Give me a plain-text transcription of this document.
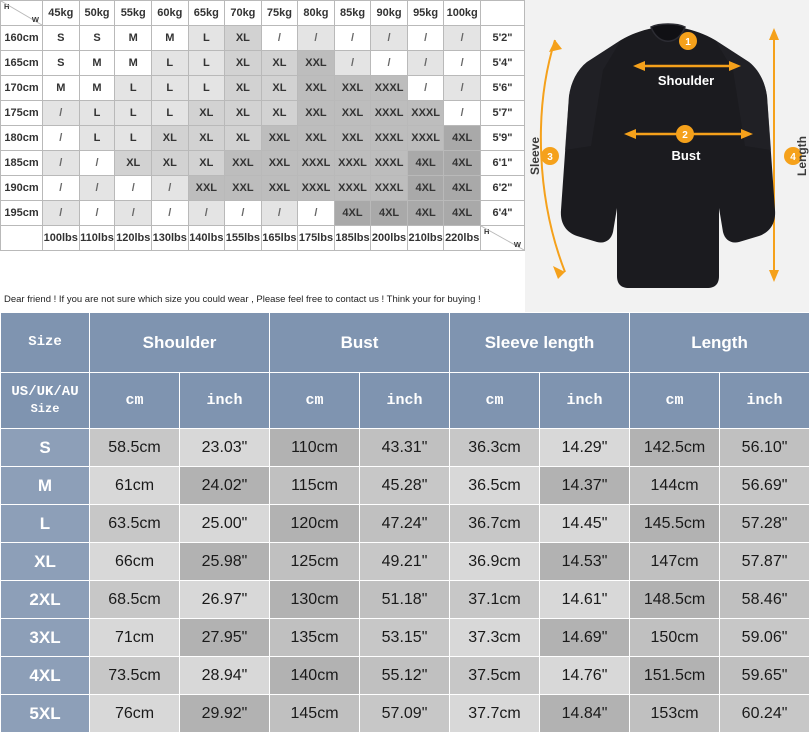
H
W	45kg	50kg	55kg	60kg	65kg	70kg	75kg	80kg	85kg	90kg	95kg	100kg	
160cm	S	S	M	M	L	XL	/	/	/	/	/	/	5'2"
165cm	S	M	M	L	L	XL	XL	XXL	/	/	/	/	5'4"
170cm	M	M	L	L	L	XL	XL	XXL	XXL	XXXL	/	/	5'6"
175cm	/	L	L	L	XL	XL	XL	XXL	XXL	XXXL	XXXL	/	5'7"
180cm	/	L	L	XL	XL	XL	XXL	XXL	XXL	XXXL	XXXL	4XL	5'9"
185cm	/	/	XL	XL	XL	XXL	XXL	XXXL	XXXL	XXXL	4XL	4XL	6'1"
190cm	/	/	/	/	XXL	XXL	XXL	XXXL	XXXL	XXXL	4XL	4XL	6'2"
195cm	/	/	/	/	/	/	/	/	4XL	4XL	4XL	4XL	6'4"
	100lbs	110lbs	120lbs	130lbs	140lbs	155lbs	165lbs	175lbs	185lbs	200lbs	210lbs	220lbs	H
W
Dear friend ! If you are not sure which size you could wear , Please feel free to contact us ! Think your for buying !
1
2
3	4
Shoulder
Bust
Sleeve	Length
Size	Shoulder		Bust		Sleeve length		Length	
US/UK/AU
Size	cm	inch	cm	inch	cm	inch	cm	inch
S	58.5cm	23.03"	110cm	43.31"	36.3cm	14.29"	142.5cm	56.10"
M	61cm	24.02"	115cm	45.28"	36.5cm	14.37"	144cm	56.69"
L	63.5cm	25.00"	120cm	47.24"	36.7cm	14.45"	145.5cm	57.28"
XL	66cm	25.98"	125cm	49.21"	36.9cm	14.53"	147cm	57.87"
2XL	68.5cm	26.97"	130cm	51.18"	37.1cm	14.61"	148.5cm	58.46"
3XL	71cm	27.95"	135cm	53.15"	37.3cm	14.69"	150cm	59.06"
4XL	73.5cm	28.94"	140cm	55.12"	37.5cm	14.76"	151.5cm	59.65"
5XL	76cm	29.92"	145cm	57.09"	37.7cm	14.84"	153cm	60.24"
